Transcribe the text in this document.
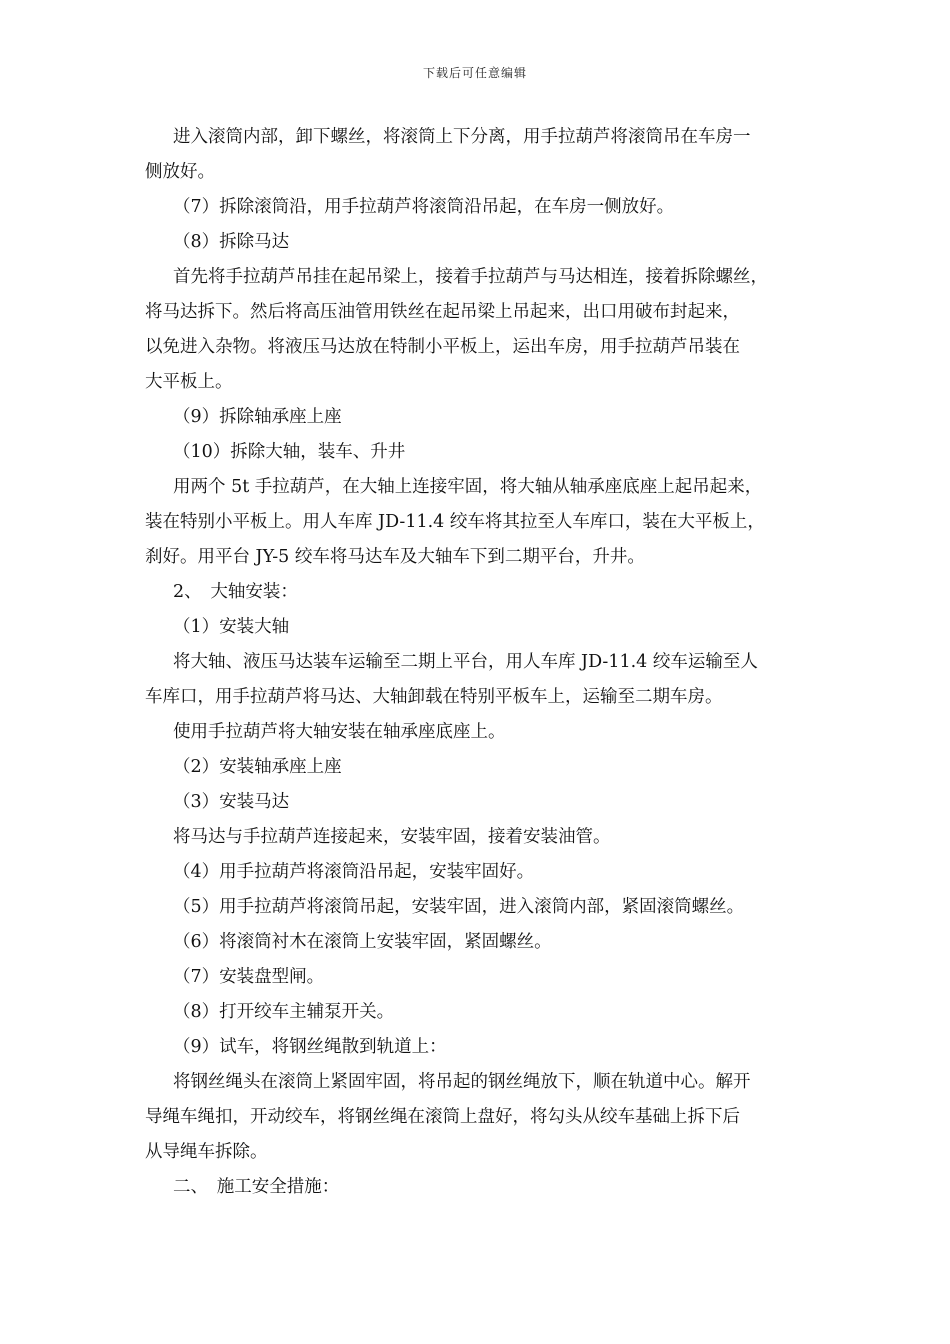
下载后可任意编辑
进入滚筒内部，卸下螺丝，将滚筒上下分离，用手拉葫芦将滚筒吊在车房一
侧放好。
（7）拆除滚筒沿，用手拉葫芦将滚筒沿吊起，在车房一侧放好。
（8）拆除马达
首先将手拉葫芦吊挂在起吊梁上，接着手拉葫芦与马达相连，接着拆除螺丝，
将马达拆下。然后将高压油管用铁丝在起吊梁上吊起来，出口用破布封起来，
以免进入杂物。将液压马达放在特制小平板上，运出车房，用手拉葫芦吊装在
大平板上。
（9）拆除轴承座上座
（10）拆除大轴，装车、升井
用两个 5t 手拉葫芦，在大轴上连接牢固，将大轴从轴承座底座上起吊起来，
装在特别小平板上。用人车库 JD-11.4 绞车将其拉至人车库口，装在大平板上，
刹好。用平台 JY-5 绞车将马达车及大轴车下到二期平台，升井。
2、　大轴安装：
（1）安装大轴
将大轴、液压马达装车运输至二期上平台，用人车库 JD-11.4 绞车运输至人
车库口，用手拉葫芦将马达、大轴卸载在特别平板车上，运输至二期车房。
使用手拉葫芦将大轴安装在轴承座底座上。
（2）安装轴承座上座
（3）安装马达
将马达与手拉葫芦连接起来，安装牢固，接着安装油管。
（4）用手拉葫芦将滚筒沿吊起，安装牢固好。
（5）用手拉葫芦将滚筒吊起，安装牢固，进入滚筒内部，紧固滚筒螺丝。
（6）将滚筒衬木在滚筒上安装牢固，紧固螺丝。
（7）安装盘型闸。
（8）打开绞车主辅泵开关。
（9）试车，将钢丝绳散到轨道上：
将钢丝绳头在滚筒上紧固牢固，将吊起的钢丝绳放下，顺在轨道中心。解开
导绳车绳扣，开动绞车，将钢丝绳在滚筒上盘好，将勾头从绞车基础上拆下后
从导绳车拆除。
二、　施工安全措施：
